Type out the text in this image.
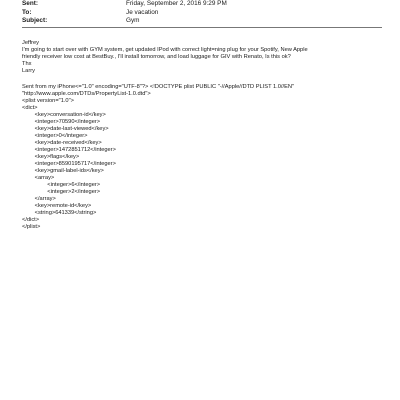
Sent:	Friday, September 2, 2016 9:29 PM
To:	Je vacation
Subject:	Gym

Jeffrey

I'm going to start over with GYM system, get updated IPod with correct light=ning plug for your Spotify, New Apple

friendly receiver low cost at BestBuy., I'll install tomorrow, and load luggage for GIV with Renato, Is this ok?

Thx

Larry

Sent from my iPhone<="1.0" encoding="UTF-8"?> <!DOCTYPE plist PUBLIC "-//Apple//DTD PLIST 1.0//EN"

"http://www.apple.com/DTDs/PropertyList-1.0.dtd">

<plist version="1.0">

<dict>

<key>conversation-id</key>

<integer>70590</integer>

<key>date-last-viewed</key>

<integer>0</integer>

<key>date-received</key>

<integer>1472851712</integer>

<key>flags</key>

<integer>8590195717</integer>

<key>gmail-label-ids</key>

<array>

<integer>6</integer>

<integer>2</integer>

</array>

<key>remote-id</key>

<string>641339</string>

</dict>

</plist>
